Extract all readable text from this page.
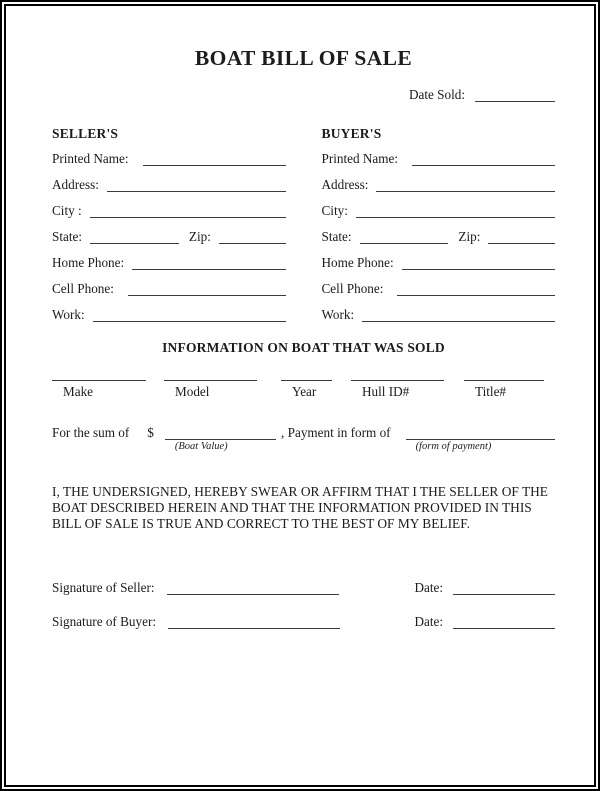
BOAT BILL OF SALE
Date Sold:
SELLER'S
Printed Name:
Address:
City :
State:	Zip:
Home Phone:
Cell Phone:
Work:
BUYER'S
Printed Name:
Address:
City:
State:	Zip:
Home Phone:
Cell Phone:
Work:
INFORMATION ON BOAT THAT WAS SOLD
Make	Model	Year	Hull ID#	Title#
For the sum of $
(Boat Value)
, Payment in form of
(form of payment)

I, THE UNDERSIGNED, HEREBY SWEAR OR AFFIRM THAT I THE SELLER OF THE BOAT DESCRIBED HEREIN AND THAT THE INFORMATION PROVIDED IN THIS BILL OF SALE IS TRUE AND CORRECT TO THE BEST OF MY BELIEF.

Signature of Seller:	Date:
Signature of Buyer:	Date:
